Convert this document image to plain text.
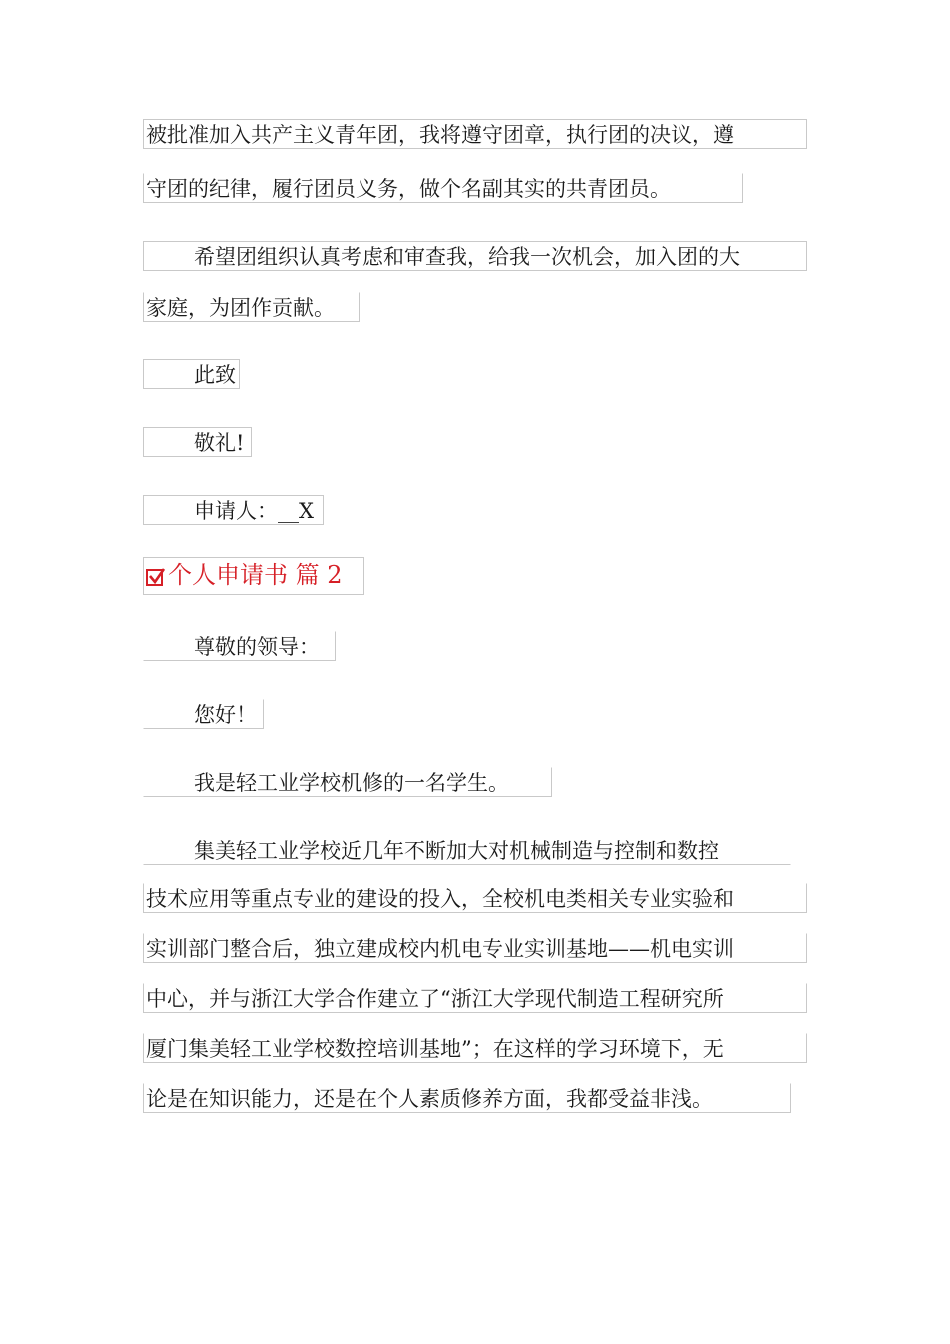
被批准加入共产主义青年团，我将遵守团章，执行团的决议，遵
守团的纪律，履行团员义务，做个名副其实的共青团员。
希望团组织认真考虑和审查我，给我一次机会，加入团的大
家庭，为团作贡献。
此致
敬礼!
申请人：__X
个人申请书 篇 2
尊敬的领导：
您好！
我是轻工业学校机修的一名学生。
集美轻工业学校近几年不断加大对机械制造与控制和数控
技术应用等重点专业的建设的投入，全校机电类相关专业实验和
实训部门整合后，独立建成校内机电专业实训基地——机电实训
中心，并与浙江大学合作建立了“浙江大学现代制造工程研究所
厦门集美轻工业学校数控培训基地”；在这样的学习环境下，无
论是在知识能力，还是在个人素质修养方面，我都受益非浅。
